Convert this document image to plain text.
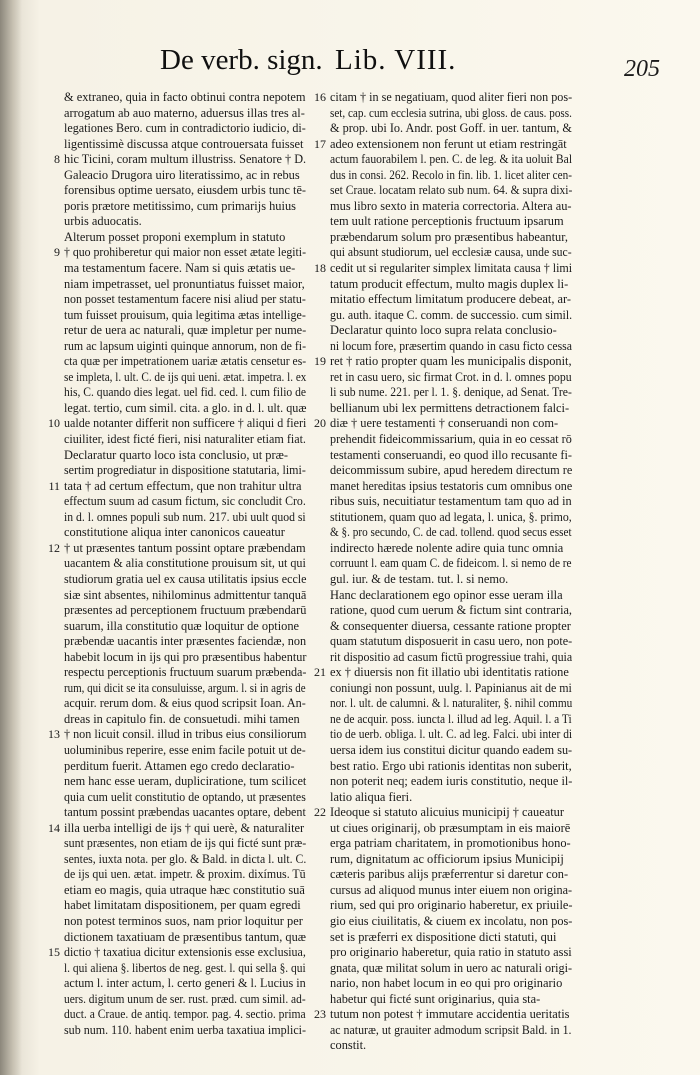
De verb. sign. Lib. VIII.	205
& extraneo, quia in facto obtinui contra nepotem
arrogatum ab auo materno, aduersus illas tres al-
legationes Bero. cum in contradictorio iudicio, di-
ligentissimè discussa atque controuersata fuisset
8 hic Ticini, coram multum illustriss. Senatore † D.
Galeacio Drugora uiro literatissimo, ac in rebus
forensibus optime uersato, eiusdem urbis tunc tē-
poris prætore metitissimo, cum primarijs huius
urbis aduocatis.
Alterum posset proponi exemplum in statuto
9 † quo prohiberetur qui maior non esset ætate legiti-
ma testamentum facere. Nam si quis ætatis ue-
niam impetrasset, uel pronuntiatus fuisset maior,
non posset testamentum facere nisi aliud per statu-
tum fuisset prouisum, quia legitima ætas intellige-
retur de uera ac naturali, quæ impletur per nume-
rum ac lapsum uiginti quinque annorum, non de fi-
cta quæ per impetrationem uariæ ætatis censetur es-
se impleta, l. ult. C. de ijs qui ueni. ætat. impetra. l. ex
his, C. quando dies legat. uel fid. ced. l. cum filio de
legat. tertio, cum simil. cita. a glo. in d. l. ult. quæ
10 ualde notanter differit non sufficere † aliqui d fieri
ciuiliter, idest ficté fieri, nisi naturaliter etiam fiat.
Declaratur quarto loco ista conclusio, ut præ-
sertim progrediatur in dispositione statutaria, limi-
11 tata † ad certum effectum, que non trahitur ultra
effectum suum ad casum fictum, sic concludit Cro.
in d. l. omnes populi sub num. 217. ubi uult quod si
constitutione aliqua inter canonicos caueatur
12 † ut præsentes tantum possint optare præbendam
uacantem & alia constitutione prouisum sit, ut qui
studiorum gratia uel ex causa utilitatis ipsius eccle
siæ sint absentes, nihilominus admittentur tanquā
præsentes ad perceptionem fructuum præbendarū
suarum, illa constitutio quæ loquitur de optione
præbendæ uacantis inter præsentes faciendæ, non
habebit locum in ijs qui pro præsentibus habentur
respectu perceptionis fructuum suarum præbenda-
rum, qui dicit se ita consuluisse, argum. l. si in agris de
acquir. rerum dom. & eius quod scripsit Ioan. An-
dreas in capitulo fin. de consuetudi. mihi tamen
13 † non licuit consil. illud in tribus eius consiliorum
uoluminibus reperire, esse enim facile potuit ut de-
perditum fuerit. Attamen ego credo declaratio-
nem hanc esse ueram, dupliciratione, tum scilicet
quia cum uelit constitutio de optando, ut præsentes
tantum possint præbendas uacantes optare, debent
14 illa uerba intelligi de ijs † qui uerè, & naturaliter
sunt præsentes, non etiam de ijs qui ficté sunt præ-
sentes, iuxta nota. per glo. & Bald. in dicta l. ult. C.
de ijs qui uen. ætat. impetr. & proxim. dixímus. Tū
etiam eo magis, quia utraque hæc constitutio suā
habet limitatam dispositionem, per quam egredi
non potest terminos suos, nam prior loquitur per
dictionem taxatiuam de præsentibus tantum, quæ
15 dictio † taxatiua dicitur extensionis esse exclusiua,
l. qui aliena §. libertos de neg. gest. l. qui sella §. qui
actum l. inter actum, l. certo generi & l. Lucius in
uers. digitum unum de ser. rust. præd. cum simil. ad-
duct. a Craue. de antiq. tempor. pag. 4. sectio. prima
sub num. 110. habent enim uerba taxatiua implici-
16 citam † in se negatiuam, quod aliter fieri non pos-
set, cap. cum ecclesia sutrina, ubi gloss. de caus. poss.
& prop. ubi Io. Andr. post Goff. in uer. tantum, &
17 adeo extensionem non ferunt ut etiam restringāt
actum fauorabilem l. pen. C. de leg. & ita uoluit Bal
dus in consi. 262. Recolo in fin. lib. 1. licet aliter cen-
set Craue. locatam relato sub num. 64. & supra dixi-
mus libro sexto in materia correctoria. Altera au-
tem uult ratione perceptionis fructuum ipsarum
præbendarum solum pro præsentibus habeantur,
qui absunt studiorum, uel ecclesiæ causa, unde suc-
18 cedit ut si regulariter simplex limitata causa † limi
tatum producit effectum, multo magis duplex li-
mitatio effectum limitatum producere debeat, ar-
gu. auth. itaque C. comm. de successio. cum simil.
Declaratur quinto loco supra relata conclusio-
ni locum fore, præsertim quando in casu ficto cessa
19 ret † ratio propter quam les municipalis disponit,
ret in casu uero, sic firmat Crot. in d. l. omnes popu
li sub nume. 221. per l. 1. §. denique, ad Senat. Tre-
bellianum ubi lex permittens detractionem falci-
20 diæ † uere testamenti † conseruandi non com-
prehendit fideicommissarium, quia in eo cessat rō
testamenti conseruandi, eo quod illo recusante fi-
deicommissum subire, apud heredem directum re
manet hereditas ipsius testatoris cum omnibus one
ribus suis, necuitiatur testamentum tam quo ad in
stitutionem, quam quo ad legata, l. unica, §. primo,
& §. pro secundo, C. de cad. tollend. quod secus esset
indirecto hærede nolente adire quia tunc omnia
corruunt l. eam quam C. de fideicom. l. si nemo de re
gul. iur. & de testam. tut. l. si nemo.
Hanc declarationem ego opinor esse ueram illa
ratione, quod cum uerum & fictum sint contraria,
& consequenter diuersa, cessante ratione propter
quam statutum disposuerit in casu uero, non pote-
rit dispositio ad casum fictū progressiue trahi, quia
21 ex † diuersis non fit illatio ubi identitatis ratione
coniungi non possunt, uulg. l. Papinianus ait de mi
nor. l. ult. de calumni. & l. naturaliter, §. nihil commu
ne de acquir. poss. iuncta l. illud ad leg. Aquil. l. a Ti
tio de uerb. obliga. l. ult. C. ad leg. Falci. ubi inter di
uersa idem ius constitui dicitur quando eadem su-
best ratio. Ergo ubi rationis identitas non suberit,
non poterit neq; eadem iuris constitutio, neque il-
latio aliqua fieri.
22 Ideoque si statuto alicuius municipij † caueatur
ut ciues originarij, ob præsumptam in eis maiorē
erga patriam charitatem, in promotionibus hono-
rum, dignitatum ac officiorum ipsius Municipij
cæteris paribus alijs præferrentur si daretur con-
cursus ad aliquod munus inter eiuem non origina-
rium, sed qui pro originario haberetur, ex priuile-
gio eius ciuilitatis, & ciuem ex incolatu, non pos-
set is præferri ex dispositione dicti statuti, qui
pro originario haberetur, quia ratio in statuto assi
gnata, quæ militat solum in uero ac naturali origi-
nario, non habet locum in eo qui pro originario
habetur qui ficté sunt originarius, quia sta-
23 tutum non potest † immutare accidentia ueritatis
ac naturæ, ut grauiter admodum scripsit Bald. in 1.
constit.
